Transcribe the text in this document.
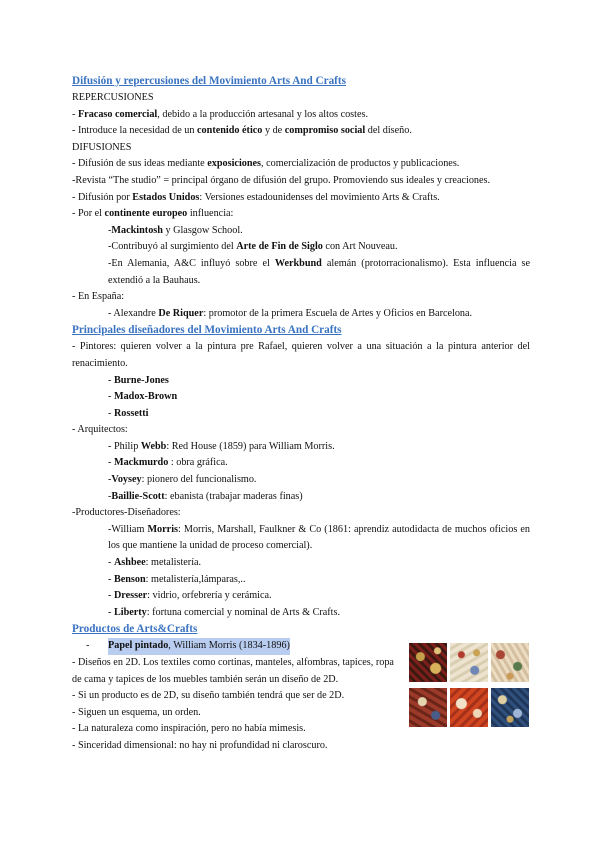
Difusión y repercusiones del Movimiento Arts And Crafts
REPERCUSIONES
- Fracaso comercial, debido a la producción artesanal y los altos costes.
- Introduce la necesidad de un contenido ético y de compromiso social del diseño.
DIFUSIONES
- Difusión de sus ideas mediante exposiciones, comercialización de productos y publicaciones.
-Revista “The studio” = principal órgano de difusión del grupo. Promoviendo sus ideales y creaciones.
- Difusión por Estados Unidos: Versiones estadounidenses del movimiento Arts & Crafts.
- Por el continente europeo influencia:
-Mackintosh y Glasgow School.
-Contribuyó al surgimiento del Arte de Fin de Siglo con Art Nouveau.
-En Alemania, A&C influyó sobre el Werkbund alemán (protorracionalismo). Esta influencia se extendió a la Bauhaus.
- En España:
- Alexandre De Riquer: promotor de la primera Escuela de Artes y Oficios en Barcelona.
Principales diseñadores del Movimiento Arts And Crafts
- Pintores: quieren volver a la pintura pre Rafael, quieren volver a una situación a la pintura anterior del renacimiento.
- Burne-Jones
- Madox-Brown
- Rossetti
- Arquitectos:
- Philip Webb: Red House (1859) para William Morris.
- Mackmurdo : obra gráfica.
-Voysey: pionero del funcionalismo.
-Baillie-Scott: ebanista (trabajar maderas finas)
-Productores-Diseñadores:
-William Morris: Morris, Marshall, Faulkner & Co (1861: aprendiz autodidacta de muchos oficios en los que mantiene la unidad de proceso comercial).
- Ashbee: metalistería.
- Benson: metalistería,lámparas,..
- Dresser: vidrio, orfebrería y cerámica.
- Liberty: fortuna comercial y nominal de Arts & Crafts.
Productos de Arts&Crafts
-	Papel pintado, William Morris (1834-1896)
- Diseños en 2D. Los textiles como cortinas, manteles, alfombras, tapices, ropa
de cama y tapices de los muebles también serán un diseño de 2D.
- Si un producto es de 2D, su diseño también tendrá que ser de 2D.
- Siguen un esquema, un orden.
- La naturaleza como inspiración, pero no había mimesis.
- Sinceridad dimensional: no hay ni profundidad ni claroscuro.
